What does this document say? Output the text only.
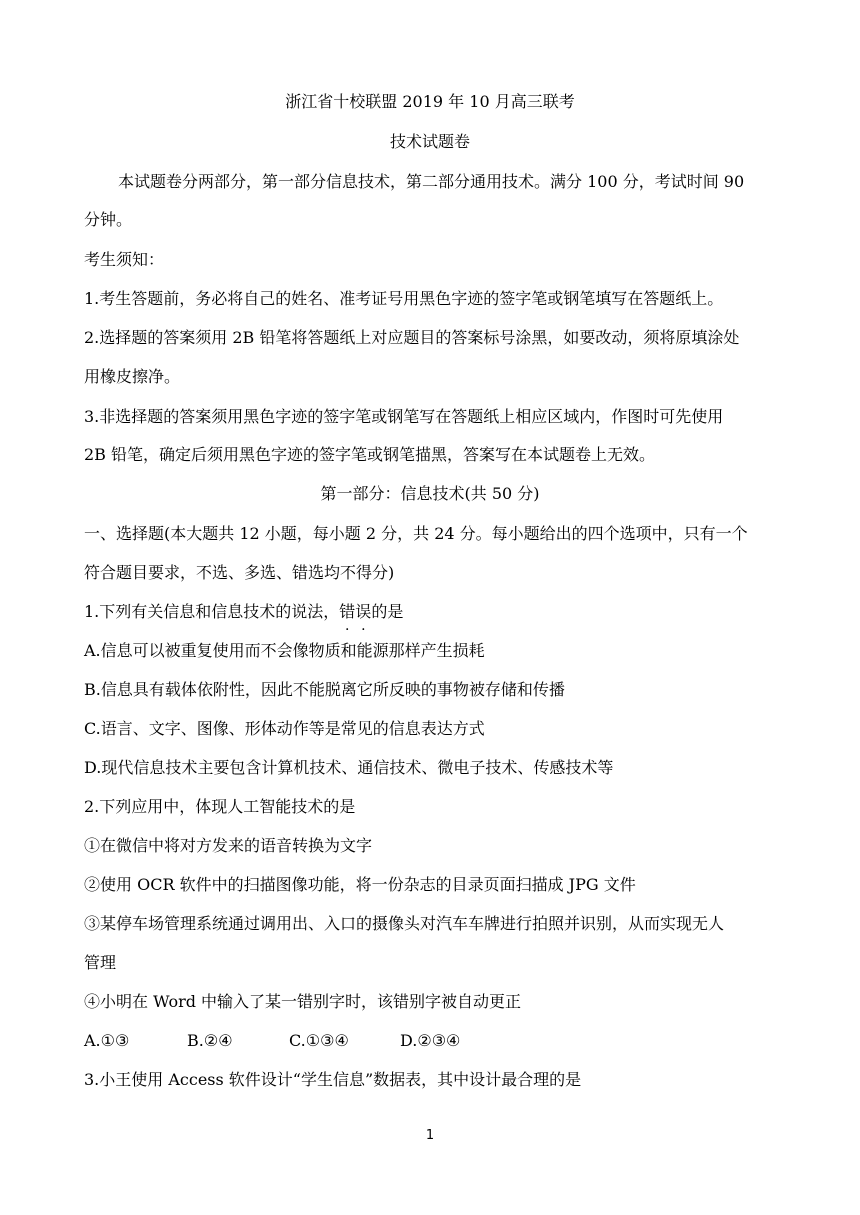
浙江省十校联盟 2019 年 10 月高三联考
技术试题卷
本试题卷分两部分，第一部分信息技术，第二部分通用技术。满分 100 分，考试时间 90
分钟。
考生须知：
1.考生答题前，务必将自己的姓名、准考证号用黑色字迹的签字笔或钢笔填写在答题纸上。
2.选择题的答案须用 2B 铅笔将答题纸上对应题目的答案标号涂黑，如要改动，须将原填涂处
用橡皮擦净。
3.非选择题的答案须用黑色字迹的签字笔或钢笔写在答题纸上相应区域内，作图时可先使用
2B 铅笔，确定后须用黑色字迹的签字笔或钢笔描黑，答案写在本试题卷上无效。
第一部分：信息技术(共 50 分)
一、选择题(本大题共 12 小题，每小题 2 分，共 24 分。每小题给出的四个选项中，只有一个
符合题目要求，不选、多选、错选均不得分)
1.下列有关信息和信息技术的说法，错误的是
A.信息可以被重复使用而不会像物质和能源那样产生损耗
B.信息具有载体依附性，因此不能脱离它所反映的事物被存储和传播
C.语言、文字、图像、形体动作等是常见的信息表达方式
D.现代信息技术主要包含计算机技术、通信技术、微电子技术、传感技术等
2.下列应用中，体现人工智能技术的是
①在微信中将对方发来的语音转换为文字
②使用 OCR 软件中的扫描图像功能，将一份杂志的目录页面扫描成 JPG 文件
③某停车场管理系统通过调用出、入口的摄像头对汽车车牌进行拍照并识别，从而实现无人
管理
④小明在 Word 中输入了某一错别字时，该错别字被自动更正
A.①③	B.②④	C.①③④	D.②③④
3.小王使用 Access 软件设计“学生信息”数据表，其中设计最合理的是
1
